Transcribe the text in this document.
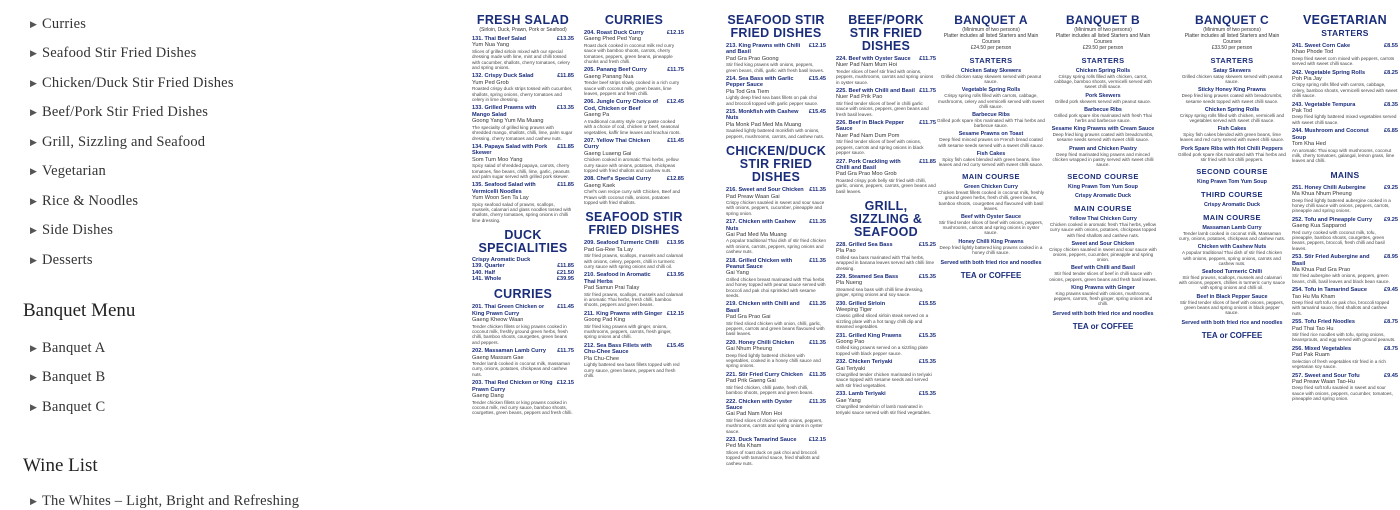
▶ Curries
▶ Seafood Stir Fried Dishes
▶ Chicken/Duck Stir Fried Dishes
▶ Beef/Pork Stir Fried Dishes
▶ Grill, Sizzling and Seafood
▶ Vegetarian
▶ Rice & Noodles
▶ Side Dishes
▶ Desserts
Banquet Menu
▶ Banquet A
▶ Banquet B
▶ Banquet C
Wine List
▶ The Whites – Light, Bright and Refreshing
FRESH SALAD
(Sirloin, Duck, Prawn, Pork or Seafood)
131. Thai Beef Salad	£13.35
Yum Nua Yang
Slices of grilled sirloin mixed with our special dressing made with lime, mint and chilli tossed with cucumber, shallots, cherry tomatoes, celery and spring onions.
132. Crispy Duck Salad	£11.85
Yum Ped Grob
Roasted crispy duck strips tossed with cucumber, shallots, spring onions, cherry tomatoes and celery in lime dressing.
133. Grilled Prawns with Mango Salad
£13.35
Goong Yang Yum Ma Muang
The speciality of grilled king prawns with shredded mango, shallots, chilli, lime, palm sugar dressing, cherry tomatoes and cashew nuts.
134. Papaya Salad with Pork Skewer
£11.85
Som Tum Moo Yang
Spicy salad of shredded papaya, carrots, cherry tomatoes, fine beans, chilli, lime, garlic, peanuts and palm sugar served with grilled pork skewer.
135. Seafood Salad with Vermicelli Noodles
£11.85
Yum Woon Sen Ta Lay
Spicy seafood salad of prawns, scallops, mussels, calamari and glass noodles tossed with shallots, cherry tomatoes, spring onions in chilli lime dressing.
DUCK SPECIALITIES
Crispy Aromatic Duck
139. Quarter	£11.85
140. Half	£21.50
141. Whole	£39.95
CURRIES
201. Thai Green Chicken or King Prawn Curry
£11.45
Gaeng Kheow Waan
Tender chicken fillets or king prawns cooked in coconut milk, freshly ground green herbs, fresh chilli, bamboo shoots, courgettes, green beans and peppers.
202. Massaman Lamb Curry	£11.75
Gaeng Massam Gae
Tender lamb cooked in coconut milk, massaman curry, onions, potatoes, chickpeas and cashew nuts.
203. Thai Red Chicken or King Prawn Curry
£12.15
Gaeng Dang
Tender chicken fillets or king prawns cooked in coconut milk, red curry sauce, bamboo shoots, courgettes, green beans, peppers and fresh chilli.
CURRIES
204. Roast Duck Curry	£12.15
Gaeng Phed Ped Yang
Roast duck cooked in coconut milk red curry sauce with bamboo shoots, carrots, cherry tomatoes, peppers, green beans, pineapple chunks and fresh chilli.
205. Panang Beef Curry	£11.75
Gaeng Panang Nua
Tender beef strips slowly cooked in a rich curry sauce with coconut milk, green beans, lime leaves, peppers and fresh chilli.
206. Jungle Curry Choice of Cod, Chicken or Beef
£12.45
Gaeng Pa
A traditional country style curry paste cooked with a choice of cod, chicken or beef, seasonal vegetables, kaffir lime leaves and krachai roots.
207. Yellow Thai Chicken Curry
£11.45
Gaeng Luaeng Gai
Chicken cooked in aromatic Thai herbs, yellow curry sauce with onions, potatoes, chickpeas topped with fried shallots and cashew nuts.
208. Chef's Special Curry	£12.85
Gaeng Kaek
Chef's own recipe curry with Chicken, Beef and Prawn with coconut milk, onions, potatoes topped with fried shallots.
SEAFOOD STIR FRIED DISHES
209. Seafood Turmeric Chilli	£13.95
Pad Ga-Ree Ta Lay
Stir fried prawns, scallops, mussels and calamari with onions, celery, peppers, chilli in turmeric curry sauce with spring onions and chilli oil.
210. Seafood in Aromatic Thai Herbs
£13.95
Pad Samun Prai Talay
Stir fried prawns, scallops, mussels and calamari in aromatic Thai herbs, fresh chilli, bamboo shoots, peppers and green beans.
211. King Prawns with Ginger £12.15
Goong Pad King
Stir fried king prawns with ginger, onions, mushrooms, peppers, carrots, fresh ginger, spring onions and chilli.
212. Sea Bass Fillets with Chu-Chee Sauce
£15.45
Pla Chu-Chee
Lightly battered sea bass fillets topped with red curry sauce, green beans, peppers and fresh chilli.
SEAFOOD STIR FRIED DISHES
213. King Prawns with Chilli and Basil
£12.15
Pad Gra Prao Goong
Stir fried king prawns with onions, peppers, green beans, chilli, garlic with fresh basil leaves.
214. Sea Bass with Garlic Pepper Sauce
£15.45
Pla Tod Gra Tiem
Lightly deep fried sea bass fillets on pak choi and broccoli topped with garlic pepper sauce.
215. Monkfish with Cashew Nuts
£15.45
Pla Monk Pad Med Ma Muang
Sautéed lightly battered monkfish with onions, peppers, mushrooms, carrots, and cashew nuts.
CHICKEN/DUCK STIR FRIED DISHES
216. Sweet and Sour Chicken £11.35
Pad Preaw Waan Gai
Crispy chicken sautéed in sweet and sour sauce with onions, peppers, cucumber, pineapple and spring onion.
217. Chicken with Cashew Nuts
£11.35
Gai Pad Med Ma Muang
A popular traditional Thai dish of stir fried chicken with onions, carrots, peppers, spring onions and cashew nuts.
218. Grilled Chicken with Peanut Sauce
£11.35
Gai Yang
Grilled chicken breast marinated with Thai herbs and honey topped with peanut sauce served with broccoli and pak choi sprinkled with sesame seeds.
219. Chicken with Chilli and Basil
£11.35
Pad Gra Prao Gai
Stir fried sliced chicken with onion, chilli, garlic, peppers, carrots and green beans flavoured with basil leaves.
220. Honey Chilli Chicken	£11.35
Gai Nhum Pheung
Deep fried lightly battered chicken with vegetables, cooked in a honey chilli sauce and spring onions.
221. Stir Fried Curry Chicken	£11.35
Pad Prik Gaeng Gai
Stir fried chicken, chilli paste, fresh chilli, bamboo shoots, peppers and green beans.
222. Chicken with Oyster Sauce
£11.35
Gai Pad Nam Mon Hoi
Stir fried slices of chicken with onions, peppers, mushrooms, carrots and spring onions in oyster sauce.
223. Duck Tamarind Sauce	£12.15
Ped Ma Kham
Slices of roast duck on pak choi and broccoli topped with tamarind sauce, fried shallots and cashew nuts.
BEEF/PORK STIR FRIED DISHES
224. Beef with Oyster Sauce	£11.75
Nuer Pad Nam Mum Hoi
Tender slices of beef stir fried with onions, peppers, mushrooms, carrots and spring onions in oyster sauce.
225. Beef with Chilli and Basil £11.75
Nuer Pad Prik Pao
Stir fried tender slices of beef in chilli garlic sauce with onions, peppers, green beans and fresh basil leaves.
226. Beef in Black Pepper Sauce
£11.75
Nuer Pad Nam Dum Pom
Stir fried tender slices of beef with onions, peppers, carrots and spring onions in black pepper sauce.
227. Pork Crackling with Chilli and Basil
£11.85
Pad Gra Prao Moo Grob
Roasted crispy pork belly stir fried with chilli, garlic, onions, peppers, carrots, green beans and basil leaves.
GRILL, SIZZLING & SEAFOOD
228. Grilled Sea Bass	£15.25
Pla Pao
Grilled sea bass marinated with Thai herbs, wrapped in banana leaves served with chilli lime dressing.
229. Steamed Sea Bass	£15.35
Pla Nueng
Steamed sea bass with chilli lime dressing, ginger, spring onions and soy sauce.
230. Grilled Sirloin	£15.55
Weeping Tiger
Classic grilled sliced sirloin steak served on a sizzling plate with a hot tangy chilli dip and steamed vegetables.
231. Grilled King Prawns	£15.35
Goong Pao
Grilled king prawns served on a sizzling plate topped with black pepper sauce.
232. Chicken Teriyaki	£15.35
Gai Teriyaki
Chargrilled tender chicken marinated in teriyaki sauce topped with sesame seeds and served with stir fried vegetables.
233. Lamb Teriyaki	£15.35
Gae Yang
Chargrilled tenderloin of lamb marinated in teriyaki sauce served with stir fried vegetables.
BANQUET A
(Minimum of two persons)
Platter includes all listed Starters and Main Courses
£24.50 per person
STARTERS
Chicken Satay Skewers
Grilled chicken satay skewers served with peanut sauce.
Vegetable Spring Rolls
Crispy spring rolls filled with carrots, cabbage, mushrooms, celery and vermicelli served with sweet chilli sauce.
Barbecue Ribs
Grilled pork spare ribs marinated with Thai herbs and barbecue sauce.
Sesame Prawns on Toast
Deep fried minced prawns on French bread coated with sesame seeds served with a sweet chilli sauce.
Fish Cakes
Spicy fish cakes blended with green beans, lime leaves and red curry served with sweet chilli sauce.
MAIN COURSE
Green Chicken Curry
Chicken breast fillets cooked in coconut milk, freshly ground green herbs, fresh chilli, green beans, bamboo shoots, courgettes and flavoured with basil leaves.
Beef with Oyster Sauce
Stir fried tender slices of beef with onions, peppers, mushrooms, carrots and spring onions in oyster sauce.
Honey Chilli King Prawns
Deep fried lightly battered king prawns cooked in a honey chilli sauce.
Served with both fried rice and noodles
TEA or COFFEE
BANQUET B
(Minimum of two persons)
Platter includes all listed Starters and Main Courses
£29.50 per person
STARTERS
Chicken Spring Rolls
Crispy spring rolls filled with chicken, carrot, cabbage, bamboo shoots, vermicelli served with sweet chilli sauce.
Pork Skewers
Grilled pork skewers served with peanut sauce.
Barbecue Ribs
Grilled pork spare ribs marinated with fresh Thai herbs and barbecue sauce.
Sesame King Prawns with Cream Sauce
Deep fried king prawns coated with breadcrumbs, sesame seeds served with sweet chilli sauce.
Prawn and Chicken Pastry
Deep fried marinated king prawns and minced chicken wrapped in pastry served with sweet chilli sauce.
SECOND COURSE
King Prawn Tom Yum Soup
Crispy Aromatic Duck
MAIN COURSE
Yellow Thai Chicken Curry
Chicken cooked in aromatic fresh Thai herbs, yellow curry sauce with onions, potatoes, chickpeas topped with fried shallots and cashew nuts.
Sweet and Sour Chicken
Crispy chicken sautéed in sweet and sour sauce with onions, peppers, cucumber, pineapple and spring onion.
Beef with Chilli and Basil
Stir fried tender slices of beef in chilli sauce with onions, peppers, green beans and fresh basil leaves.
King Prawns with Ginger
King prawns sautéed with onions, mushrooms, peppers, carrots, fresh ginger, spring onions and chilli.
Served with both fried rice and noodles
TEA or COFFEE
BANQUET C
(Minimum of two persons)
Platter includes all listed Starters and Main Courses
£33.50 per person
STARTERS
Satay Skewers
Grilled chicken satay skewers served with peanut sauce.
Sticky Honey King Prawns
Deep fried king prawns coated with breadcrumbs, sesame seeds topped with sweet chilli sauce.
Chicken Spring Rolls
Crispy spring rolls filled with chicken, vermicelli and vegetables served with sweet chilli sauce.
Fish Cakes
Spicy fish cakes blended with green beans, lime leaves and red curry served with sweet chilli sauce.
Pork Spare Ribs with Hot Chilli Peppers
Grilled pork spare ribs marinated with Thai herbs and stir fried with hot chilli peppers.
SECOND COURSE
King Prawn Tom Yum Soup
THIRD COURSE
Crispy Aromatic Duck
MAIN COURSE
Massaman Lamb Curry
Tender lamb cooked in coconut milk, Massaman curry, onions, potatoes, chickpeas and cashew nuts.
Chicken with Cashew Nuts
A popular traditional Thai dish of stir fried chicken with onions, peppers, spring onions, carrots and cashew nuts.
Seafood Turmeric Chilli
Stir fried prawns, scallops, mussels and calamari with onions, peppers, chillies in turmeric curry sauce with spring onions and chilli oil.
Beef in Black Pepper Sauce
Stir fried tender slices of beef with onions, peppers, green beans and spring onions in black pepper sauce.
Served with both fried rice and noodles
TEA or COFFEE
VEGETARIAN
STARTERS
241. Sweet Corn Cake	£8.55
Khao Phode Tod
Deep fried sweet corn mixed with peppers, carrots served with sweet chilli sauce.
242. Vegetable Spring Rolls	£8.25
Poh Pia Jay
Crispy spring rolls filled with carrots, cabbage, celery, bamboo shoots, vermicelli served with sweet chilli sauce.
243. Vegetable Tempura	£8.35
Pak Tod
Deep fried lightly battered mixed vegetables served with sweet chilli sauce.
244. Mushroom and Coconut Soup
£6.85
Tom Kha Hed
An aromatic Thai soup with mushrooms, coconut milk, cherry tomatoes, galangal, lemon grass, lime leaves and chilli.
MAINS
251. Honey Chilli Aubergine	£9.25
Ma Khua Nhum Pheung
Deep fried lightly battered aubergine cooked in a honey chilli sauce with onions, peppers, carrots, pineapple and spring onions.
252. Tofu and Pineapple Curry	£9.25
Gaeng Kua Sapparod
Red curry cooked with coconut milk, tofu, pineapple, bamboo shoots, courgettes, green beans, peppers, broccoli, fresh chilli and basil leaves.
253. Stir Fried Aubergine and Basil
£8.95
Ma Khua Pad Gra Prao
Stir fried aubergine with onions, peppers, green beans, chilli, basil leaves and black bean sauce.
254. Tofu in Tamarind Sauce	£9.45
Tao Hu Ma Kham
Deep fried soft tofu on pak choi, broccoli topped with tamarind sauce, fried shallots and cashew nuts.
255. Tofu Fried Noodles	£8.75
Pad Thai Tao Hu
Stir fried rice noodles with tofu, spring onions, beansprouts, and egg served with ground peanuts.
256. Mixed Vegetables	£8.75
Pad Pak Ruam
Selection of fresh vegetables stir fried in a rich vegetarian soy sauce.
257. Sweet and Sour Tofu	£9.45
Pad Preaw Waan Tao-Hu
Deep fried soft tofu sautéed in sweet and sour sauce with onions, peppers, cucumber, tomatoes, pineapple and spring onion.
